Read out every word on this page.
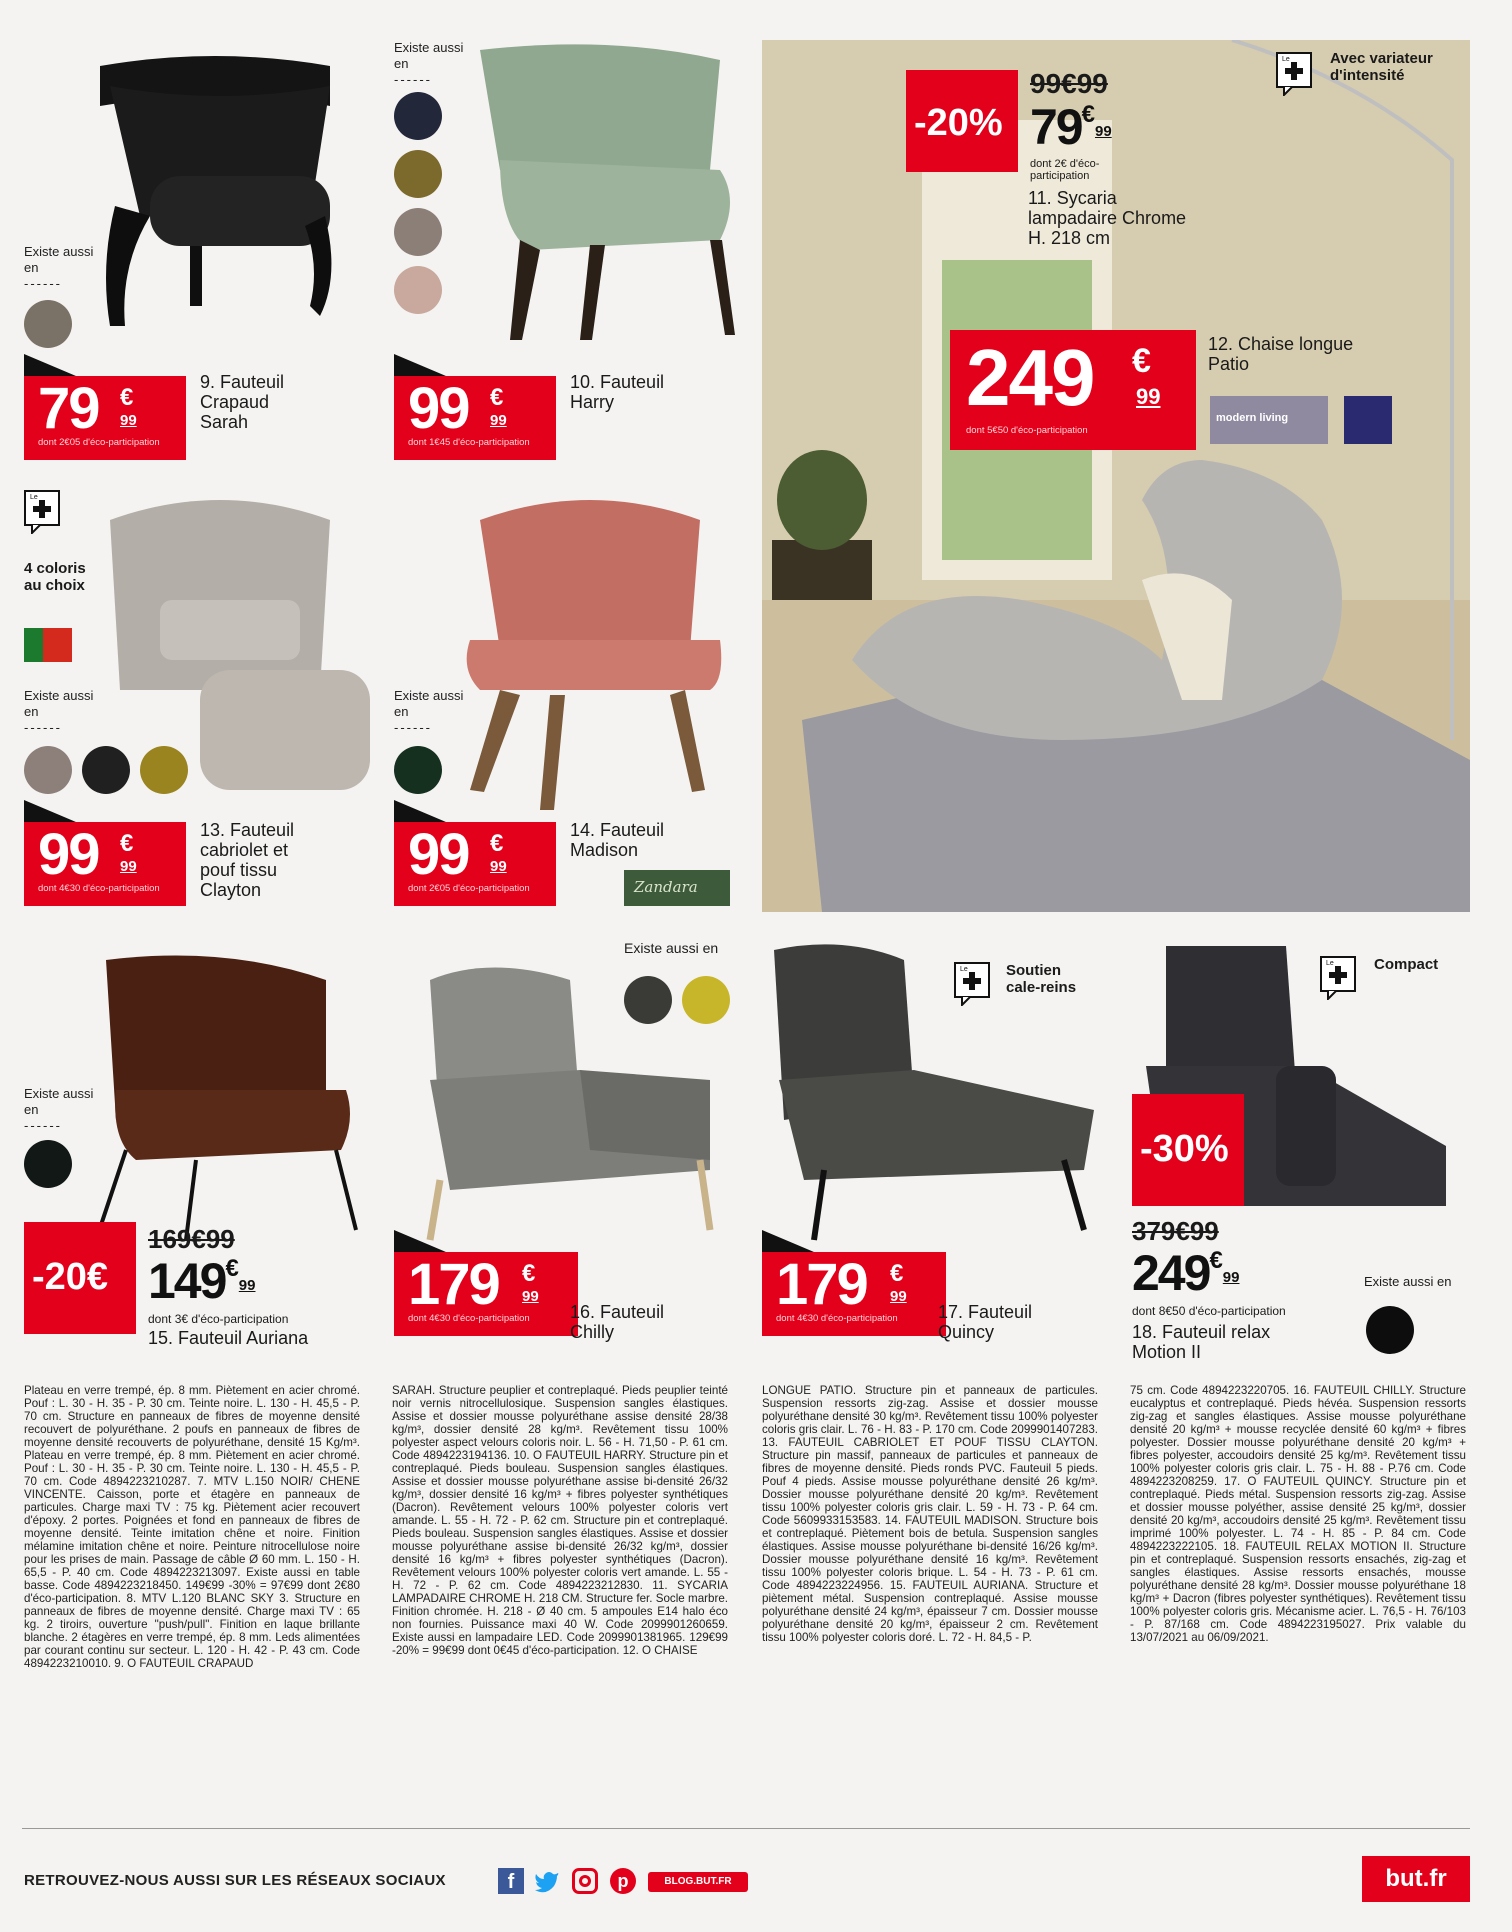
Existe aussi en
------
79 €
99
dont 2€05 d'éco-participation
9. Fauteuil
Crapaud
Sarah
Existe aussi en
------
99 €
99
dont 1€45 d'éco-participation
10. Fauteuil
Harry
-20%
99€99
79€99
dont 2€ d'éco-participation
11. Sycaria
lampadaire Chrome
H. 218 cm
Le	Avec variateur d'intensité
249 €
99
dont 5€50 d'éco-participation
12. Chaise longue
Patio
modern living
Le
4 coloris au choix
Existe aussi en
------
99 €
99
dont 4€30 d'éco-participation
13. Fauteuil
cabriolet et
pouf tissu
Clayton
Existe aussi en
------
99 €
99
dont 2€05 d'éco-participation
14. Fauteuil
Madison
Zandara
Existe aussi en
------
-20€
169€99
149€99
dont 3€ d'éco-participation
15. Fauteuil Auriana
Existe aussi en
179 €
99
dont 4€30 d'éco-participation	16. Fauteuil
Chilly
Le	Soutien cale-reins
179 €
99
dont 4€30 d'éco-participation	17. Fauteuil
Quincy
Le	Compact
-30%
379€99
249€99
dont 8€50 d'éco-participation
18. Fauteuil relax
Motion II
Existe aussi en
Plateau en verre trempé, ép. 8 mm. Piètement en acier chromé. Pouf : L. 30 - H. 35 - P. 30 cm. Teinte noire. L. 130 - H. 45,5 - P. 70 cm. Structure en panneaux de fibres de moyenne densité recouvert de polyuréthane. 2 poufs en panneaux de fibres de moyenne densité recouverts de polyuréthane, densité 15 Kg/m³. Plateau en verre trempé, ép. 8 mm. Piètement en acier chromé. Pouf : L. 30 - H. 35 - P. 30 cm. Teinte noire. L. 130 - H. 45,5 - P. 70 cm. Code 4894223210287. 7. MTV L.150 NOIR/ CHENE VINCENTE. Caisson, porte et étagère en panneaux de particules. Charge maxi TV : 75 kg. Piètement acier recouvert d'époxy. 2 portes. Poignées et fond en panneaux de fibres de moyenne densité. Teinte imitation chêne et noire. Finition mélamine imitation chêne et noire. Peinture nitrocellulose noire pour les prises de main. Passage de câble Ø 60 mm. L. 150 - H. 65,5 - P. 40 cm. Code 4894223213097. Existe aussi en table basse. Code 4894223218450. 149€99 -30% = 97€99 dont 2€80 d'éco-participation. 8. MTV L.120 BLANC SKY 3. Structure en panneaux de fibres de moyenne densité. Charge maxi TV : 65 kg. 2 tiroirs, ouverture "push/pull". Finition en laque brillante blanche. 2 étagères en verre trempé, ép. 8 mm. Leds alimentées par courant continu sur secteur. L. 120 - H. 42 - P. 43 cm. Code 4894223210010. 9. O FAUTEUIL CRAPAUD
SARAH. Structure peuplier et contreplaqué. Pieds peuplier teinté noir vernis nitrocellulosique. Suspension sangles élastiques. Assise et dossier mousse polyuréthane assise densité 28/38 kg/m³, dossier densité 28 kg/m³. Revêtement tissu 100% polyester aspect velours coloris noir. L. 56 - H. 71,50 - P. 61 cm. Code 4894223194136. 10. O FAUTEUIL HARRY. Structure pin et contreplaqué. Pieds bouleau. Suspension sangles élastiques. Assise et dossier mousse polyuréthane assise bi-densité 26/32 kg/m³, dossier densité 16 kg/m³ + fibres polyester synthétiques (Dacron). Revêtement velours 100% polyester coloris vert amande. L. 55 - H. 72 - P. 62 cm. Structure pin et contreplaqué. Pieds bouleau. Suspension sangles élastiques. Assise et dossier mousse polyuréthane assise bi-densité 26/32 kg/m³, dossier densité 16 kg/m³ + fibres polyester synthétiques (Dacron). Revêtement velours 100% polyester coloris vert amande. L. 55 - H. 72 - P. 62 cm. Code 4894223212830. 11. SYCARIA LAMPADAIRE CHROME H. 218 CM. Structure fer. Socle marbre. Finition chromée. H. 218 - Ø 40 cm. 5 ampoules E14 halo éco non fournies. Puissance maxi 40 W. Code 2099901260659. Existe aussi en lampadaire LED. Code 2099901381965. 129€99 -20% = 99€99 dont 0€45 d'éco-participation. 12. O CHAISE
LONGUE PATIO. Structure pin et panneaux de particules. Suspension ressorts zig-zag. Assise et dossier mousse polyuréthane densité 30 kg/m³. Revêtement tissu 100% polyester coloris gris clair. L. 76 - H. 83 - P. 170 cm. Code 2099901407283. 13. FAUTEUIL CABRIOLET ET POUF TISSU CLAYTON. Structure pin massif, panneaux de particules et panneaux de fibres de moyenne densité. Pieds ronds PVC. Fauteuil 5 pieds. Pouf 4 pieds. Assise mousse polyuréthane densité 26 kg/m³. Dossier mousse polyuréthane densité 20 kg/m³. Revêtement tissu 100% polyester coloris gris clair. L. 59 - H. 73 - P. 64 cm. Code 5609933153583. 14. FAUTEUIL MADISON. Structure bois et contreplaqué. Piètement bois de betula. Suspension sangles élastiques. Assise mousse polyuréthane bi-densité 16/26 kg/m³. Dossier mousse polyuréthane densité 16 kg/m³. Revêtement tissu 100% polyester coloris brique. L. 54 - H. 73 - P. 61 cm. Code 4894223224956. 15. FAUTEUIL AURIANA. Structure et piètement métal. Suspension contreplaqué. Assise mousse polyuréthane densité 24 kg/m³, épaisseur 7 cm. Dossier mousse polyuréthane densité 20 kg/m³, épaisseur 2 cm. Revêtement tissu 100% polyester coloris doré. L. 72 - H. 84,5 - P.
75 cm. Code 4894223220705. 16. FAUTEUIL CHILLY. Structure eucalyptus et contreplaqué. Pieds hévéa. Suspension ressorts zig-zag et sangles élastiques. Assise mousse polyuréthane densité 20 kg/m³ + mousse recyclée densité 60 kg/m³ + fibres polyester. Dossier mousse polyuréthane densité 20 kg/m³ + fibres polyester, accoudoirs densité 25 kg/m³. Revêtement tissu 100% polyester coloris gris clair. L. 75 - H. 88 - P.76 cm. Code 4894223208259. 17. O FAUTEUIL QUINCY. Structure pin et contreplaqué. Pieds métal. Suspension ressorts zig-zag. Assise et dossier mousse polyéther, assise densité 25 kg/m³, dossier densité 20 kg/m³, accoudoirs densité 25 kg/m³. Revêtement tissu imprimé 100% polyester. L. 74 - H. 85 - P. 84 cm. Code 4894223222105. 18. FAUTEUIL RELAX MOTION II. Structure pin et contreplaqué. Suspension ressorts ensachés, zig-zag et sangles élastiques. Assise ressorts ensachés, mousse polyuréthane densité 28 kg/m³. Dossier mousse polyuréthane 18 kg/m³ + Dacron (fibres polyester synthétiques). Revêtement tissu 100% polyester coloris gris. Mécanisme acier. L. 76,5 - H. 76/103 - P. 87/168 cm. Code 4894223195027. Prix valable du 13/07/2021 au 06/09/2021.
RETROUVEZ-NOUS AUSSI SUR LES RÉSEAUX SOCIAUX	f	p	BLOG.BUT.FR	but.fr
